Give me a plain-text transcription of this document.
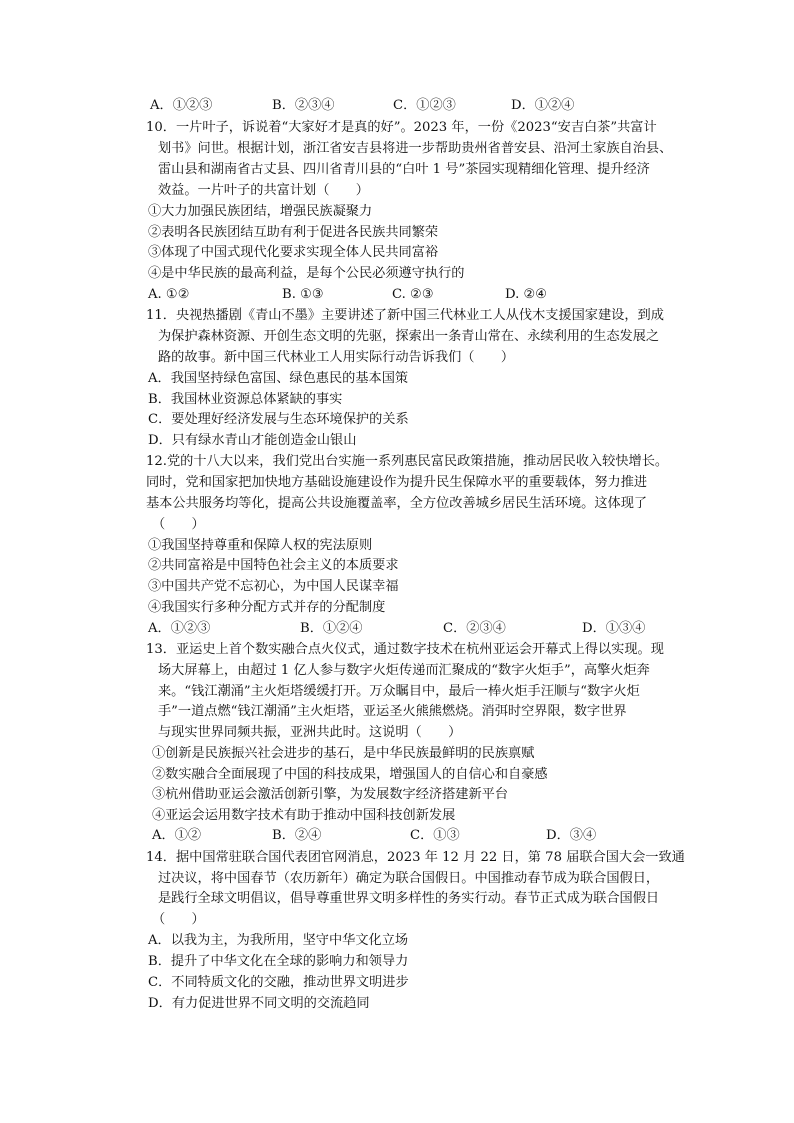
A．①②③	B．②③④	C．①②③	D．①②④
10．一片叶子，诉说着“大家好才是真的好”。2023 年，一份《2023“安吉白茶”共富计
划书》问世。根据计划，浙江省安吉县将进一步帮助贵州省普安县、沿河土家族自治县、
雷山县和湖南省古丈县、四川省青川县的“白叶 1 号”茶园实现精细化管理、提升经济
效益。一片叶子的共富计划（　　）
①大力加强民族团结，增强民族凝聚力
②表明各民族团结互助有利于促进各民族共同繁荣
③体现了中国式现代化要求实现全体人民共同富裕
④是中华民族的最高利益，是每个公民必须遵守执行的
A. ①②	B. ①③	C. ②③	D. ②④
11．央视热播剧《青山不墨》主要讲述了新中国三代林业工人从伐木支援国家建设，到成
为保护森林资源、开创生态文明的先驱，探索出一条青山常在、永续利用的生态发展之
路的故事。新中国三代林业工人用实际行动告诉我们（　　）
A．我国坚持绿色富国、绿色惠民的基本国策
B．我国林业资源总体紧缺的事实
C．要处理好经济发展与生态环境保护的关系
D．只有绿水青山才能创造金山银山
12.党的十八大以来，我们党出台实施一系列惠民富民政策措施，推动居民收入较快增长。
同时，党和国家把加快地方基础设施建设作为提升民生保障水平的重要载体，努力推进
基本公共服务均等化，提高公共设施覆盖率，全方位改善城乡居民生活环境。这体现了
（　　）
①我国坚持尊重和保障人权的宪法原则
②共同富裕是中国特色社会主义的本质要求
③中国共产党不忘初心，为中国人民谋幸福
④我国实行多种分配方式并存的分配制度
A．①②③	B．①②④	C．②③④	D．①③④
13．亚运史上首个数实融合点火仪式，通过数字技术在杭州亚运会开幕式上得以实现。现
场大屏幕上，由超过 1 亿人参与数字火炬传递而汇聚成的“数字火炬手”，高擎火炬奔
来。“钱江潮涌”主火炬塔缓缓打开。万众瞩目中，最后一棒火炬手汪顺与“数字火炬
手”一道点燃“钱江潮涌”主火炬塔，亚运圣火熊熊燃烧。消弭时空界限，数字世界
与现实世界同频共振，亚洲共此时。这说明（　　）
①创新是民族振兴社会进步的基石，是中华民族最鲜明的民族禀赋
②数实融合全面展现了中国的科技成果，增强国人的自信心和自豪感
③杭州借助亚运会激活创新引擎，为发展数字经济搭建新平台
④亚运会运用数字技术有助于推动中国科技创新发展
A．①②	B．②④	C．①③	D．③④
14．据中国常驻联合国代表团官网消息，2023 年 12 月 22 日，第 78 届联合国大会一致通
过决议，将中国春节（农历新年）确定为联合国假日。中国推动春节成为联合国假日，
是践行全球文明倡议，倡导尊重世界文明多样性的务实行动。春节正式成为联合国假日
（　　）
A．以我为主，为我所用，坚守中华文化立场
B．提升了中华文化在全球的影响力和领导力
C．不同特质文化的交融，推动世界文明进步
D．有力促进世界不同文明的交流趋同
